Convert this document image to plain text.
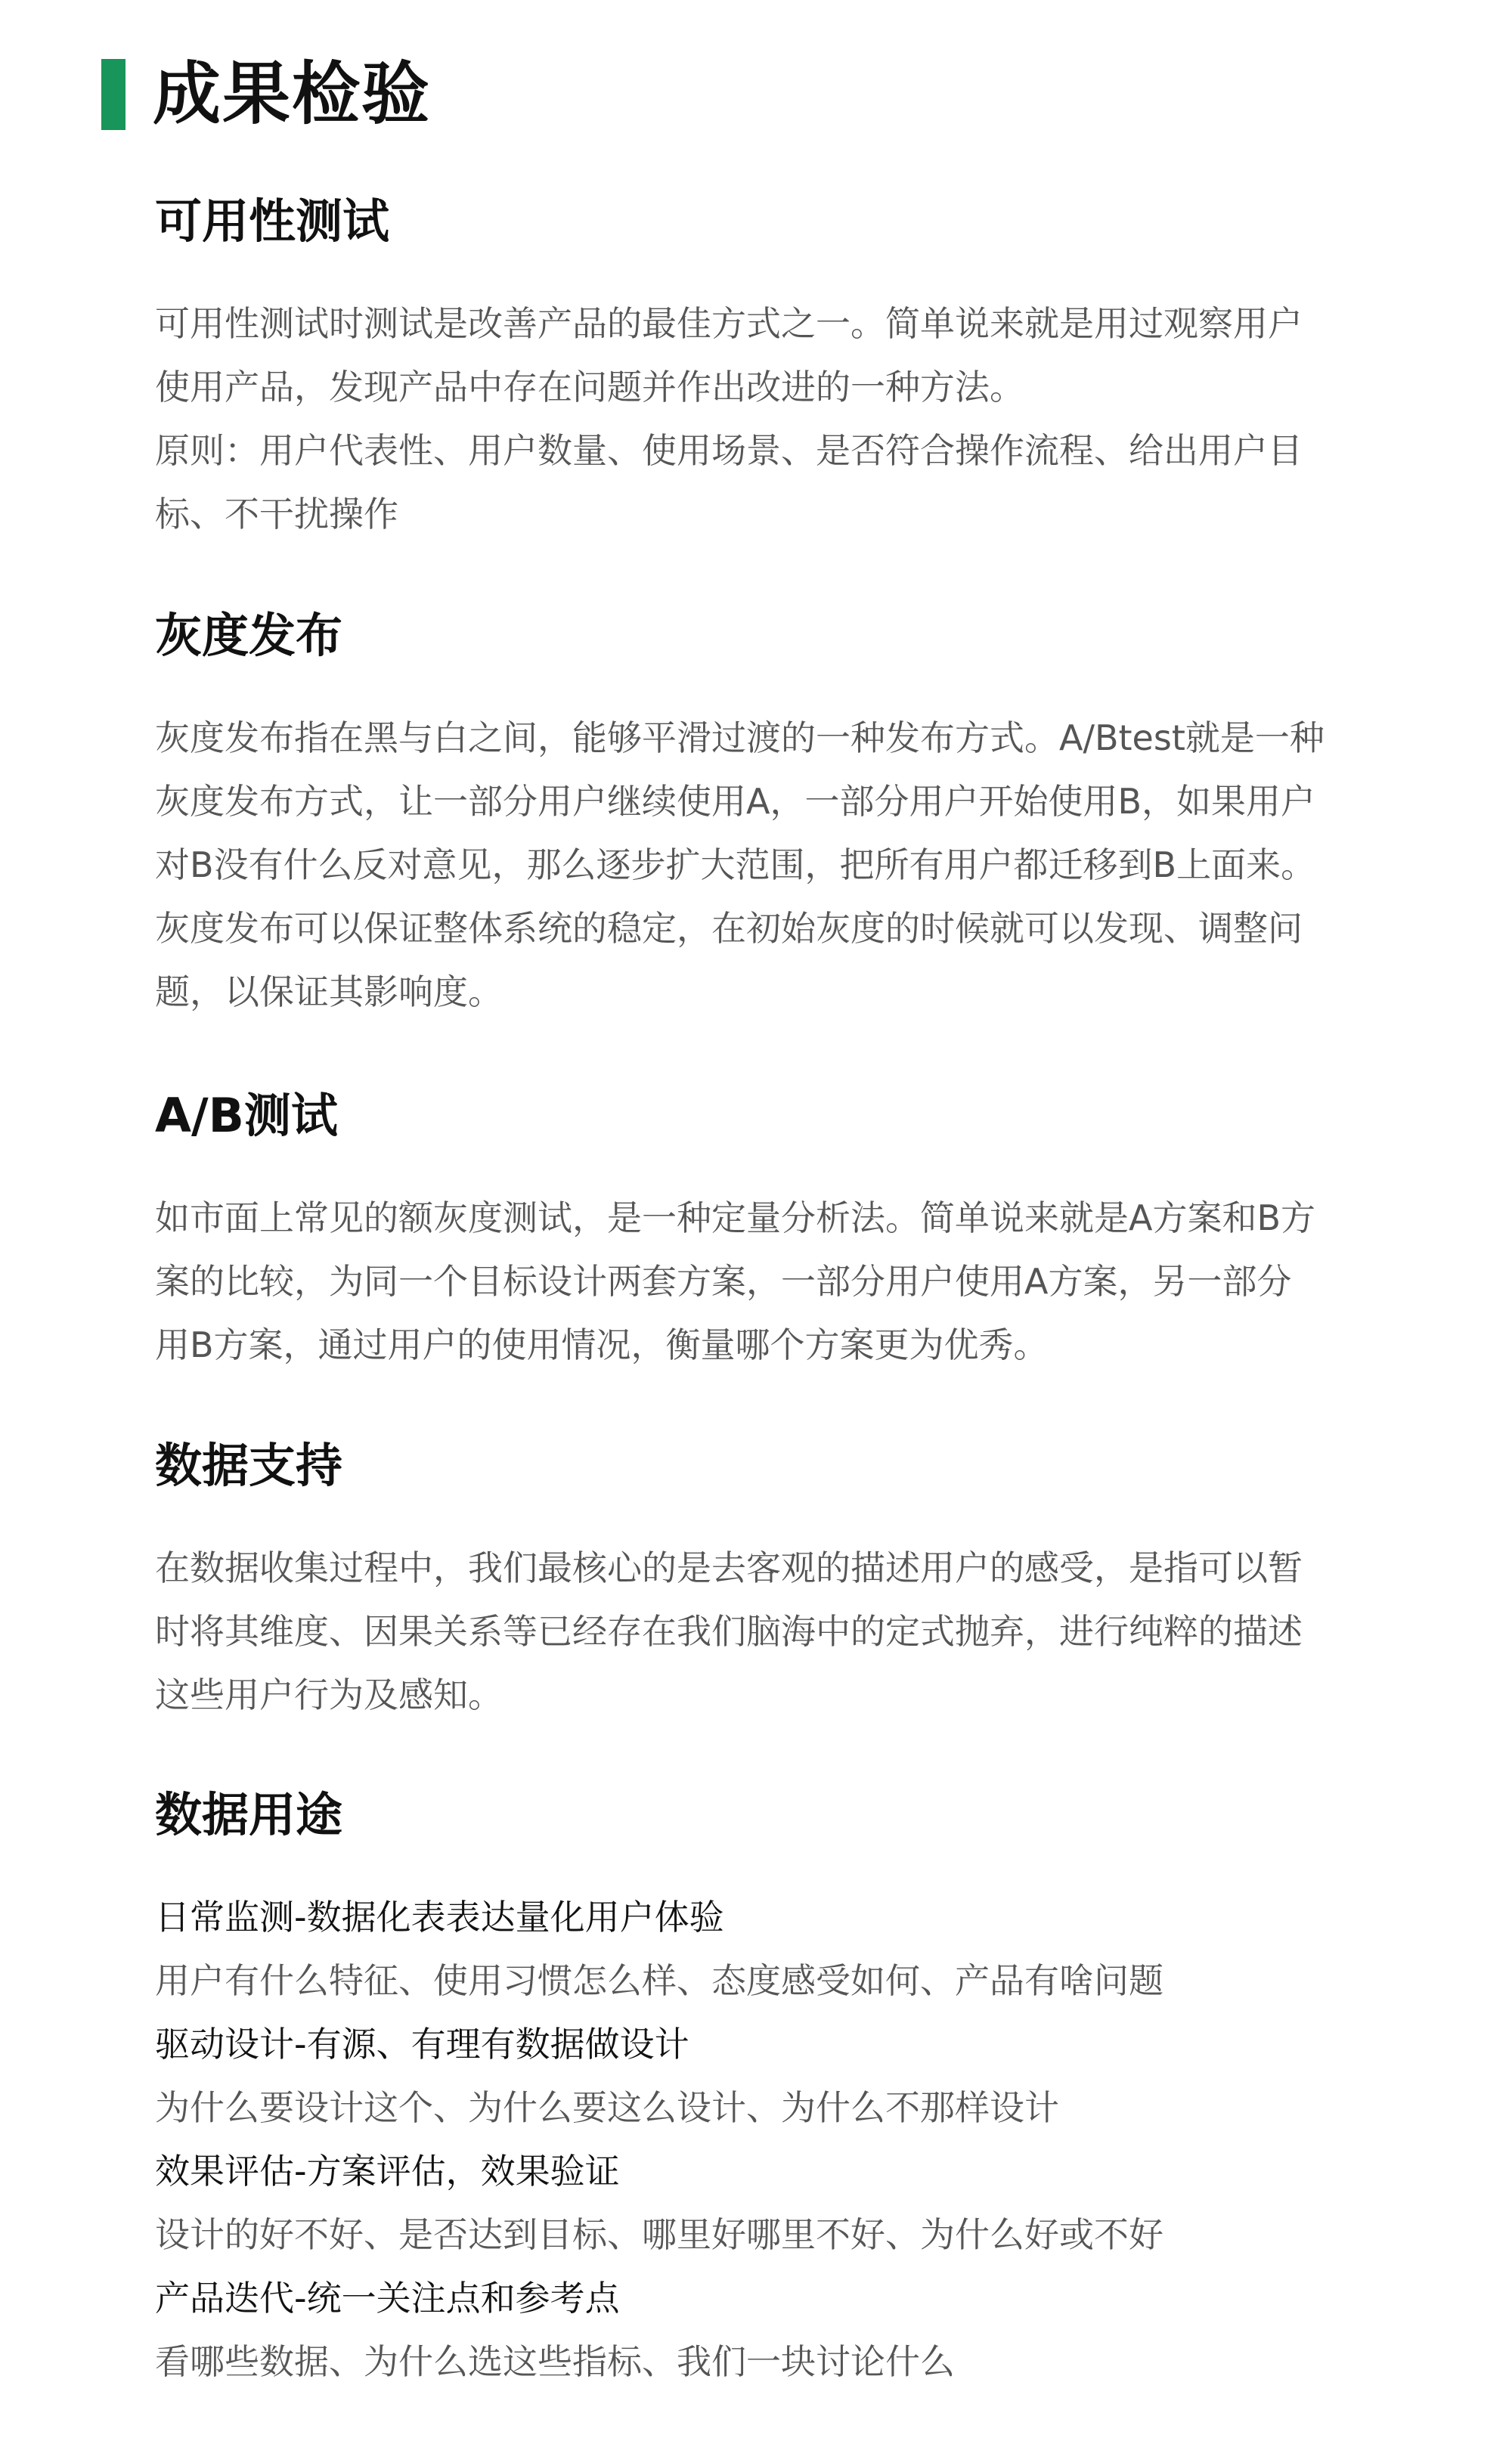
成果检验
可用性测试

可用性测试时测试是改善产品的最佳方式之一。简单说来就是用过观察用户

使用产品，发现产品中存在问题并作出改进的一种方法。

原则：用户代表性、用户数量、使用场景、是否符合操作流程、给出用户目

标、不干扰操作

灰度发布

灰度发布指在黑与白之间，能够平滑过渡的一种发布方式。A/Btest就是一种

灰度发布方式，让一部分用户继续使用A，一部分用户开始使用B，如果用户

对B没有什么反对意见，那么逐步扩大范围，把所有用户都迁移到B上面来。

灰度发布可以保证整体系统的稳定，在初始灰度的时候就可以发现、调整问

题，以保证其影响度。

A/B测试

如市面上常见的额灰度测试，是一种定量分析法。简单说来就是A方案和B方

案的比较，为同一个目标设计两套方案，一部分用户使用A方案，另一部分

用B方案，通过用户的使用情况，衡量哪个方案更为优秀。

数据支持

在数据收集过程中，我们最核心的是去客观的描述用户的感受，是指可以暂

时将其维度、因果关系等已经存在我们脑海中的定式抛弃，进行纯粹的描述

这些用户行为及感知。

数据用途

日常监测-数据化表表达量化用户体验

用户有什么特征、使用习惯怎么样、态度感受如何、产品有啥问题

驱动设计-有源、有理有数据做设计

为什么要设计这个、为什么要这么设计、为什么不那样设计

效果评估-方案评估，效果验证

设计的好不好、是否达到目标、哪里好哪里不好、为什么好或不好

产品迭代-统一关注点和参考点

看哪些数据、为什么选这些指标、我们一块讨论什么
